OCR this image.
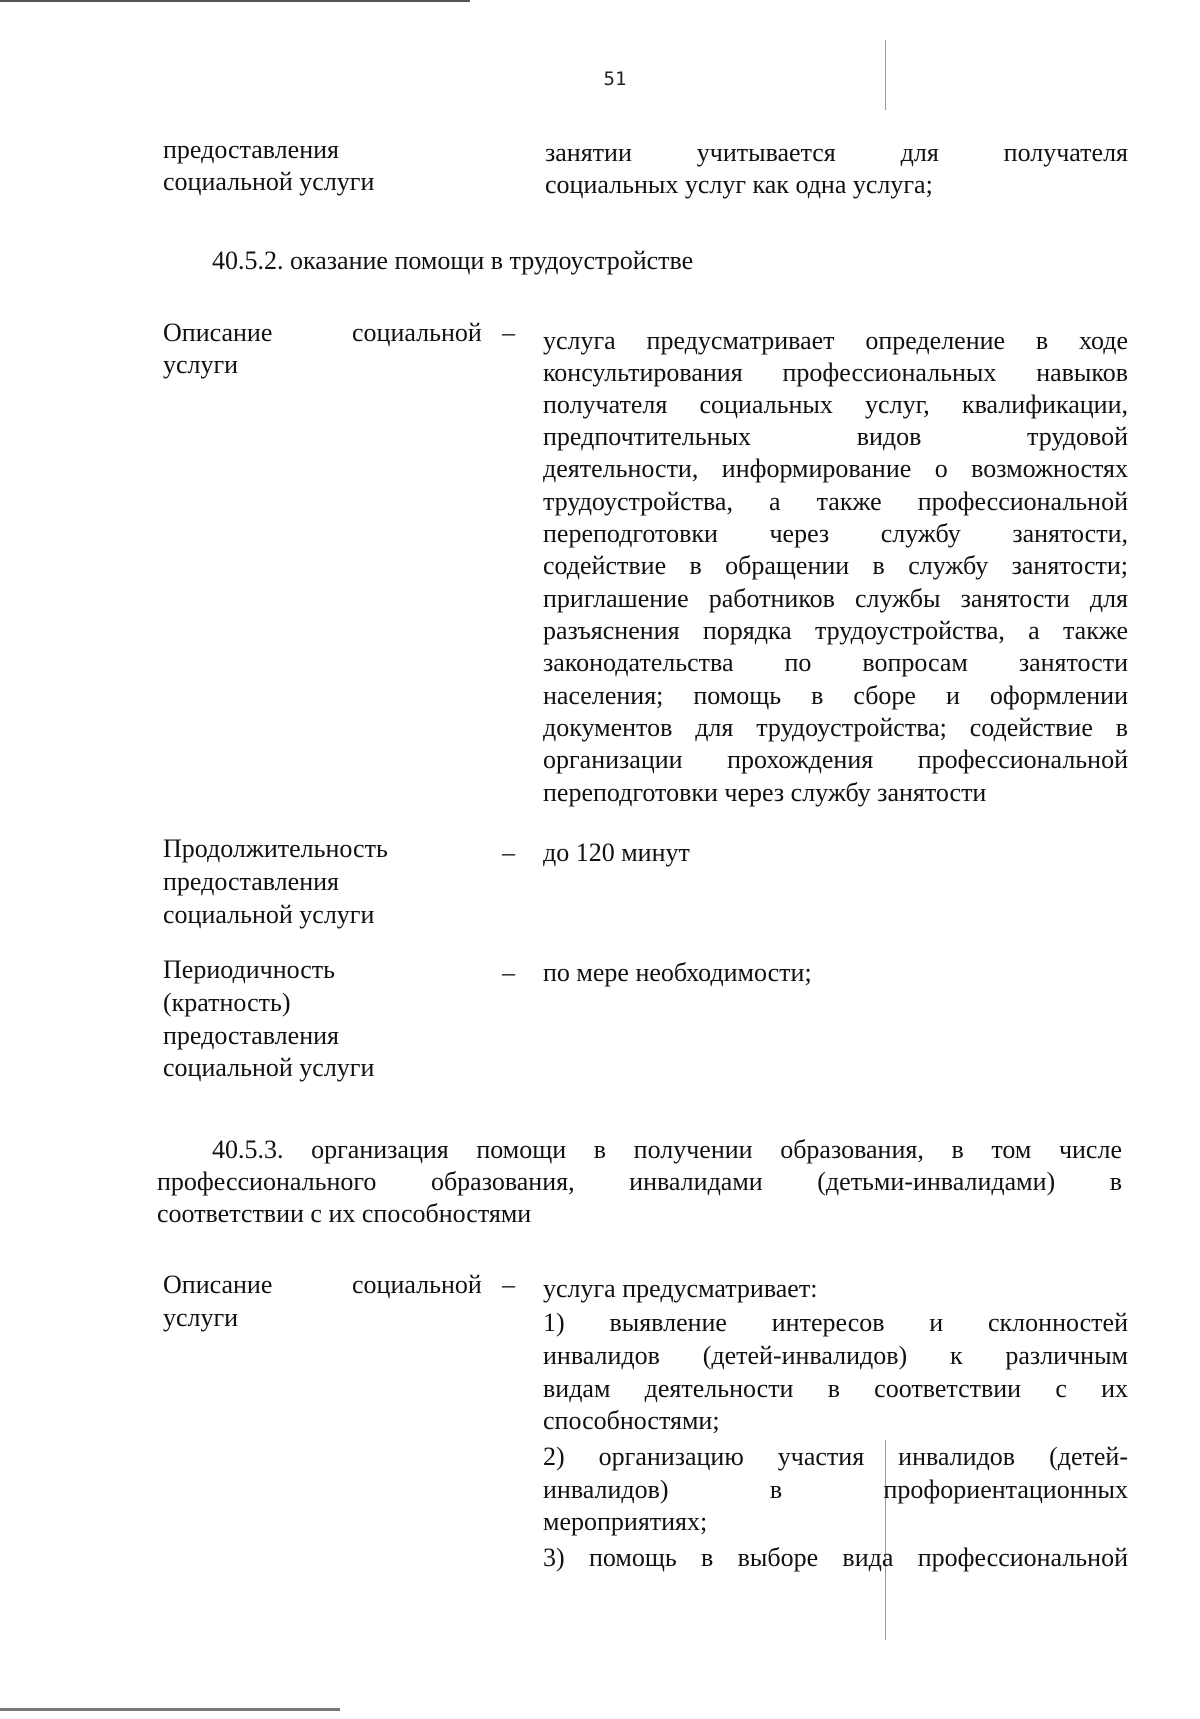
51
предоставления
социальной услуги
занятии учитывается для получателя
социальных услуг как одна услуга;
40.5.2. оказание помощи в трудоустройстве
Описание	социальной –
услуги
услуга предусматривает определение в ходе
консультирования профессиональных навыков
получателя социальных услуг, квалификации,
предпочтительных видов трудовой
деятельности, информирование о возможностях
трудоустройства, а также профессиональной
переподготовки через службу занятости,
содействие в обращении в службу занятости;
приглашение работников службы занятости для
разъяснения порядка трудоустройства, а также
законодательства по вопросам занятости
населения; помощь в сборе и оформлении
документов для трудоустройства; содействие в
организации прохождения профессиональной
переподготовки через службу занятости
Продолжительность
предоставления
социальной услуги
– до 120 минут
Периодичность
(кратность)
предоставления
социальной услуги
– по мере необходимости;
40.5.3. организация помощи в получении образования, в том числе
профессионального образования, инвалидами (детьми-инвалидами) в
соответствии с их способностями
Описание	социальной –
услуги
услуга предусматривает:
1) выявление интересов и склонностей
инвалидов (детей-инвалидов) к различным
видам деятельности в соответствии с их
способностями;
2) организацию участия инвалидов (детей-
инвалидов) в профориентационных
мероприятиях;
3) помощь в выборе вида профессиональной
